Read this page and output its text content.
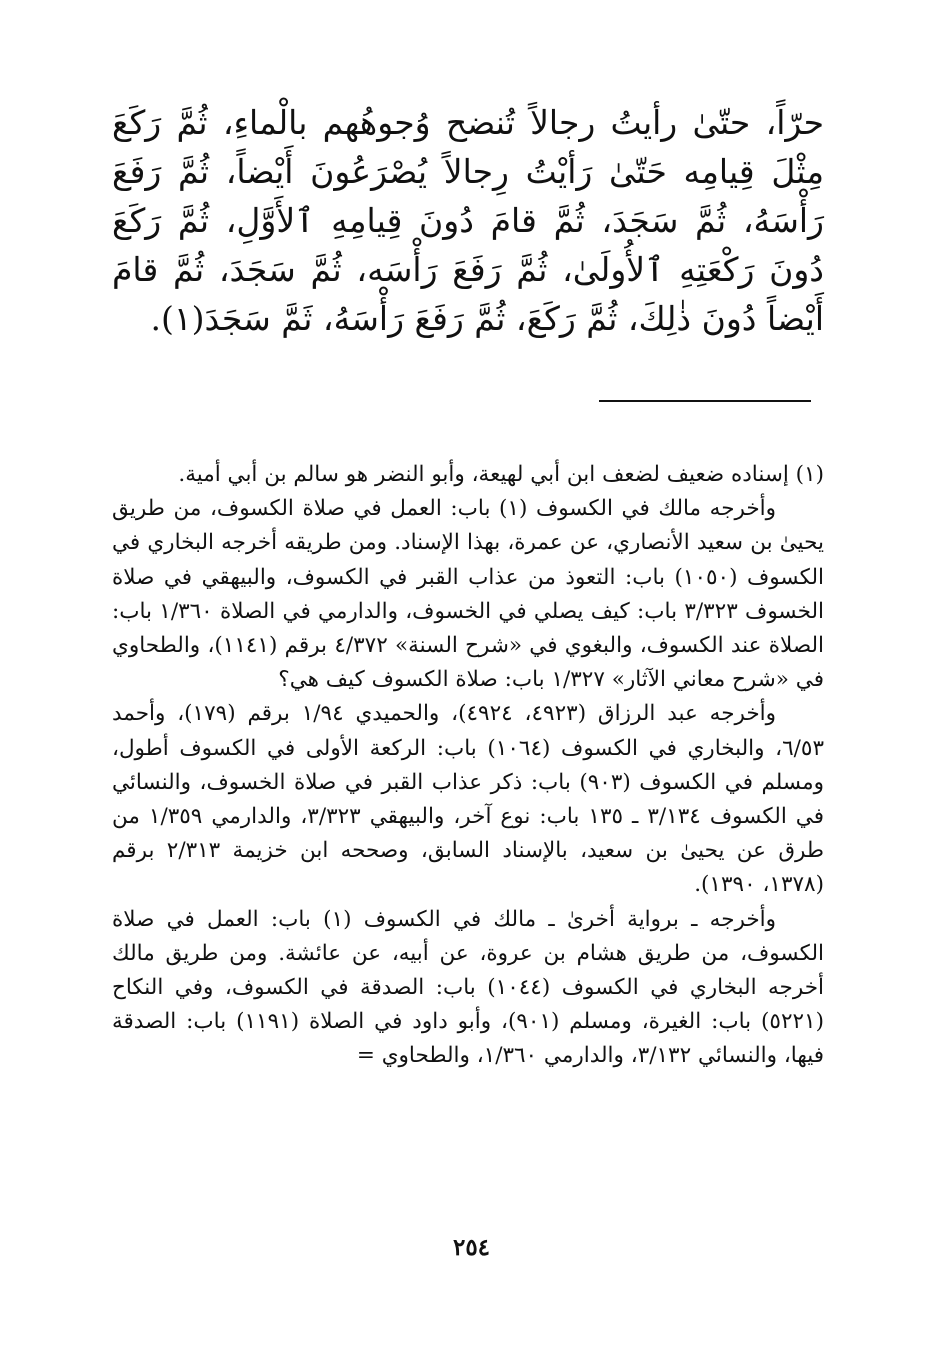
حرّاً، حتّىٰ رأيتُ رجالاً تُنضح وُجوهُهم بالْماءِ، ثُمَّ رَكَعَ مِثْلَ قِيامِه حَتّىٰ رَأيْتُ رِجالاً يُصْرَعُونَ أَيْضاً، ثُمَّ رَفَعَ رَأْسَهُ، ثُمَّ سَجَدَ، ثُمَّ قامَ دُونَ قِيامِهِ ٱلأَوَّلِ، ثُمَّ رَكَعَ دُونَ رَكْعَتِهِ ٱلأُولَىٰ، ثُمَّ رَفَعَ رَأْسَه، ثُمَّ سَجَدَ، ثُمَّ قامَ أَيْضاً دُونَ ذٰلِكَ، ثُمَّ رَكَعَ، ثُمَّ رَفَعَ رَأْسَهُ، ثَمَّ سَجَدَ(١).

(١) إسناده ضعيف لضعف ابن أبي لهيعة، وأبو النضر هو سالم بن أبي أمية.

وأخرجه مالك في الكسوف (١) باب: العمل في صلاة الكسوف، من طريق يحيىٰ بن سعيد الأنصاري، عن عمرة، بهذا الإسناد. ومن طريقه أخرجه البخاري في الكسوف (١٠٥٠) باب: التعوذ من عذاب القبر في الكسوف، والبيهقي في صلاة الخسوف ٣/٣٢٣ باب: كيف يصلي في الخسوف، والدارمي في الصلاة ١/٣٦٠ باب: الصلاة عند الكسوف، والبغوي في «شرح السنة» ٤/٣٧٢ برقم (١١٤١)، والطحاوي في «شرح معاني الآثار» ١/٣٢٧ باب: صلاة الكسوف كيف هي؟

وأخرجه عبد الرزاق (٤٩٢٣، ٤٩٢٤)، والحميدي ١/٩٤ برقم (١٧٩)، وأحمد ٦/٥٣، والبخاري في الكسوف (١٠٦٤) باب: الركعة الأولى في الكسوف أطول، ومسلم في الكسوف (٩٠٣) باب: ذكر عذاب القبر في صلاة الخسوف، والنسائي في الكسوف ٣/١٣٤ ـ ١٣٥ باب: نوع آخر، والبيهقي ٣/٣٢٣، والدارمي ١/٣٥٩ من طرق عن يحيىٰ بن سعيد، بالإسناد السابق، وصححه ابن خزيمة ٢/٣١٣ برقم (١٣٧٨، ١٣٩٠).

وأخرجه ـ برواية أخرىٰ ـ مالك في الكسوف (١) باب: العمل في صلاة الكسوف، من طريق هشام بن عروة، عن أبيه، عن عائشة. ومن طريق مالك أخرجه البخاري في الكسوف (١٠٤٤) باب: الصدقة في الكسوف، وفي النكاح (٥٢٢١) باب: الغيرة، ومسلم (٩٠١)، وأبو داود في الصلاة (١١٩١) باب: الصدقة فيها، والنسائي ٣/١٣٢، والدارمي ١/٣٦٠، والطحاوي =

٢٥٤
